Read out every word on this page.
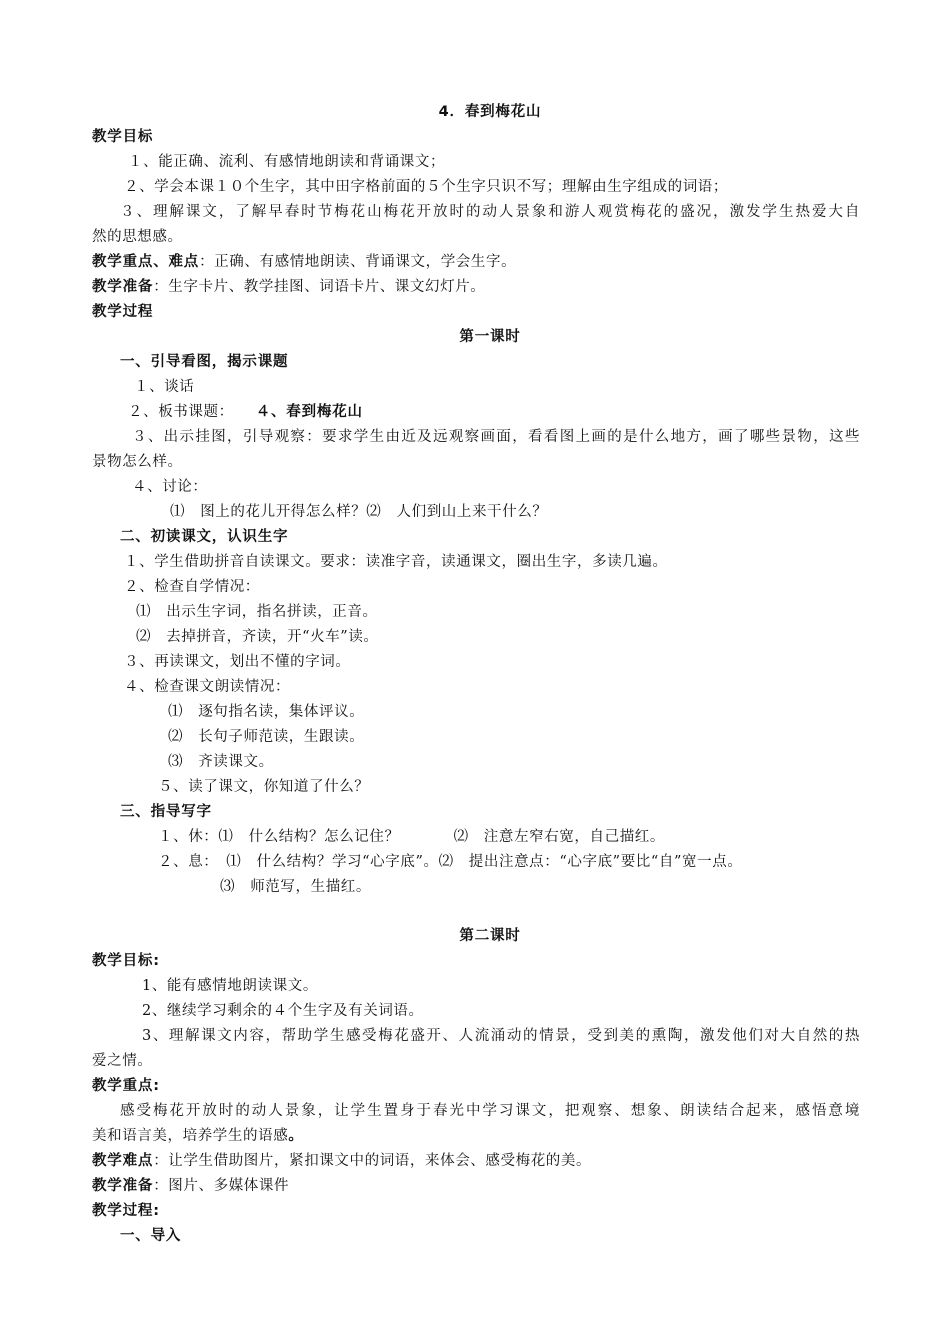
4．春到梅花山
教学目标
１、能正确、流利、有感情地朗读和背诵课文；
２、学会本课１０个生字，其中田字格前面的５个生字只识不写；理解由生字组成的词语；
３、理解课文，了解早春时节梅花山梅花开放时的动人景象和游人观赏梅花的盛况，激发学生热爱大自
然的思想感。
教学重点、难点：正确、有感情地朗读、背诵课文，学会生字。
教学准备：生字卡片、教学挂图、词语卡片、课文幻灯片。
教学过程
第一课时
一、引导看图，揭示课题
１、谈话
２、板书课题： ４、春到梅花山
３、出示挂图，引导观察：要求学生由近及远观察画面，看看图上画的是什么地方，画了哪些景物，这些
景物怎么样。
４、讨论：
⑴　图上的花儿开得怎么样？⑵　人们到山上来干什么？
二、初读课文，认识生字
１、学生借助拼音自读课文。要求：读准字音，读通课文，圈出生字，多读几遍。
２、检查自学情况：
⑴　出示生字词，指名拼读，正音。
⑵　去掉拼音，齐读，开“火车”读。
３、再读课文，划出不懂的字词。
４、检查课文朗读情况：
⑴　逐句指名读，集体评议。
⑵　长句子师范读，生跟读。
⑶　齐读课文。
５、读了课文，你知道了什么？
三、指导写字
１、休：⑴　什么结构？怎么记住？	⑵　注意左窄右宽，自己描红。
２、息：　⑴　什么结构？学习“心字底”。⑵　提出注意点：“心字底”要比“自”宽一点。
⑶　师范写，生描红。
第二课时
教学目标:
1、能有感情地朗读课文。
2、继续学习剩余的４个生字及有关词语。
3、理解课文内容，帮助学生感受梅花盛开、人流涌动的情景，受到美的熏陶，激发他们对大自然的热
爱之情。
教学重点:
感受梅花开放时的动人景象，让学生置身于春光中学习课文，把观察、想象、朗读结合起来，感悟意境
美和语言美，培养学生的语感。
教学难点：让学生借助图片，紧扣课文中的词语，来体会、感受梅花的美。
教学准备：图片、多媒体课件
教学过程:
一、导入
